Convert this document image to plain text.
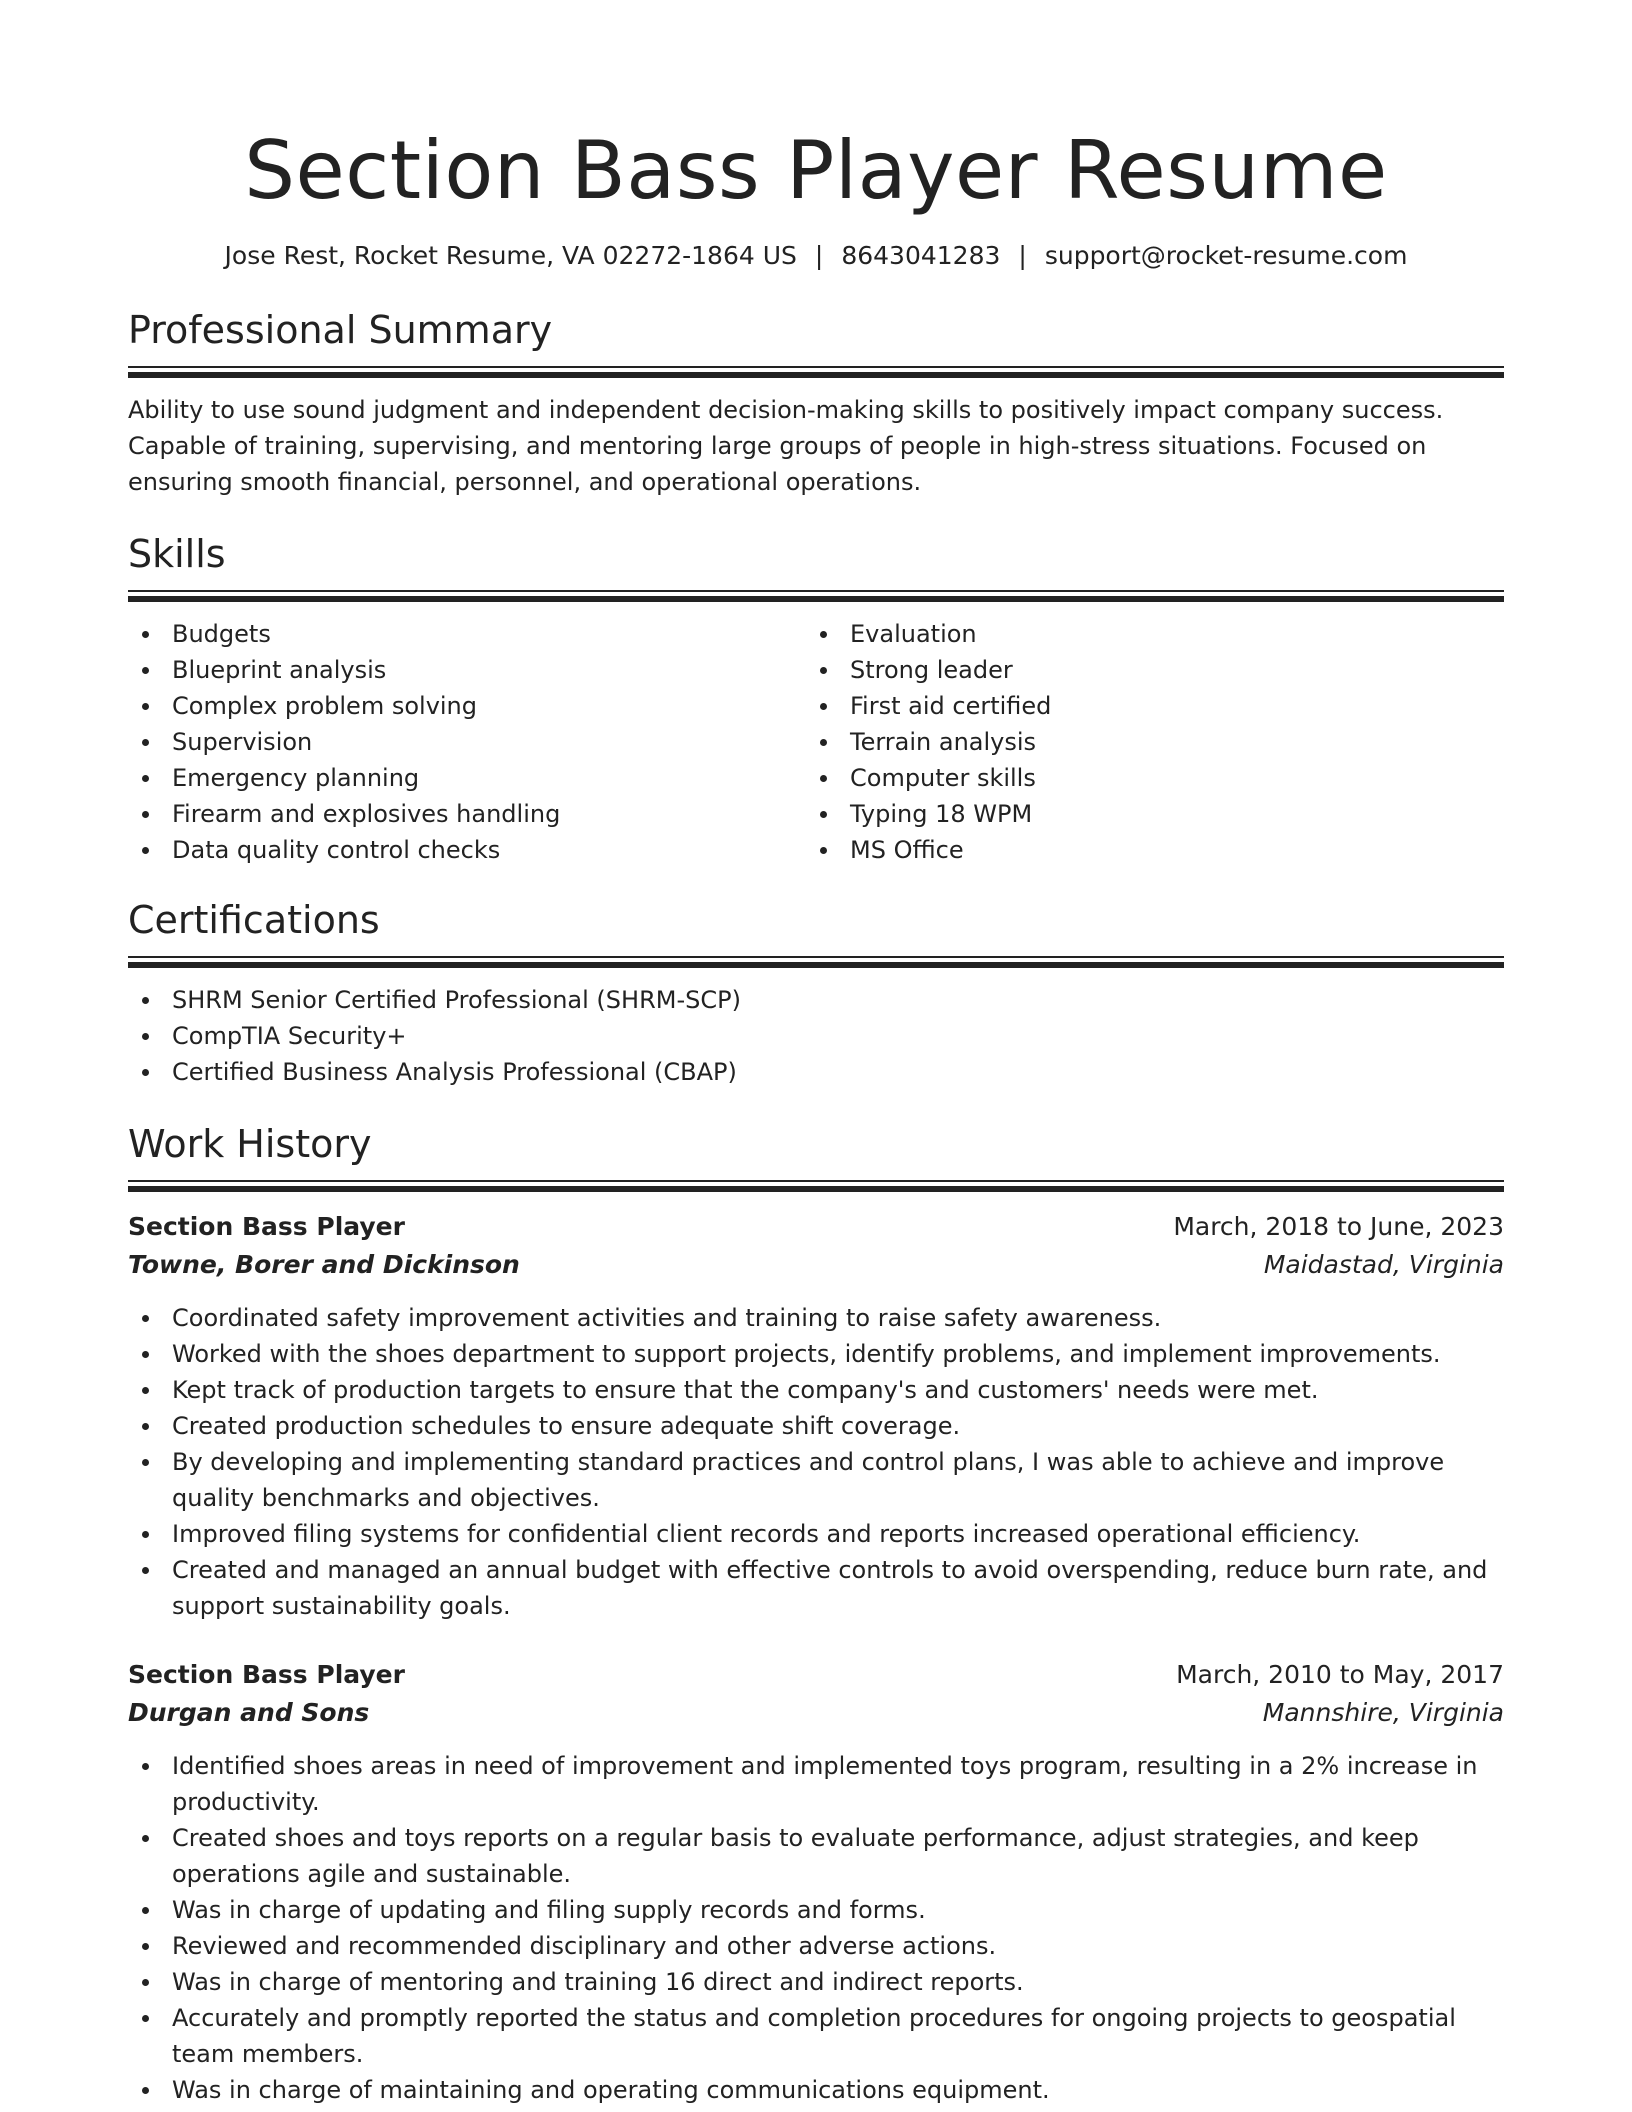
Section Bass Player Resume
Jose Rest, Rocket Resume, VA 02272-1864 US | 8643041283 | support@rocket-resume.com
Professional Summary

Ability to use sound judgment and independent decision-making skills to positively impact company success. Capable of training, supervising, and mentoring large groups of people in high-stress situations. Focused on ensuring smooth financial, personnel, and operational operations.

Skills
Budgets
Blueprint analysis
Complex problem solving
Supervision
Emergency planning
Firearm and explosives handling
Data quality control checks
Evaluation
Strong leader
First aid certified
Terrain analysis
Computer skills
Typing 18 WPM
MS Office
Certifications
SHRM Senior Certified Professional (SHRM-SCP)
CompTIA Security+
Certified Business Analysis Professional (CBAP)
Work History
Section Bass Player	March, 2018 to June, 2023
Towne, Borer and Dickinson	Maidastad, Virginia
Coordinated safety improvement activities and training to raise safety awareness.
Worked with the shoes department to support projects, identify problems, and implement improvements.
Kept track of production targets to ensure that the company's and customers' needs were met.
Created production schedules to ensure adequate shift coverage.
By developing and implementing standard practices and control plans, I was able to achieve and improve quality benchmarks and objectives.
Improved filing systems for confidential client records and reports increased operational efficiency.
Created and managed an annual budget with effective controls to avoid overspending, reduce burn rate, and support sustainability goals.
Section Bass Player	March, 2010 to May, 2017
Durgan and Sons	Mannshire, Virginia
Identified shoes areas in need of improvement and implemented toys program, resulting in a 2% increase in productivity.
Created shoes and toys reports on a regular basis to evaluate performance, adjust strategies, and keep operations agile and sustainable.
Was in charge of updating and filing supply records and forms.
Reviewed and recommended disciplinary and other adverse actions.
Was in charge of mentoring and training 16 direct and indirect reports.
Accurately and promptly reported the status and completion procedures for ongoing projects to geospatial team members.
Was in charge of maintaining and operating communications equipment.
